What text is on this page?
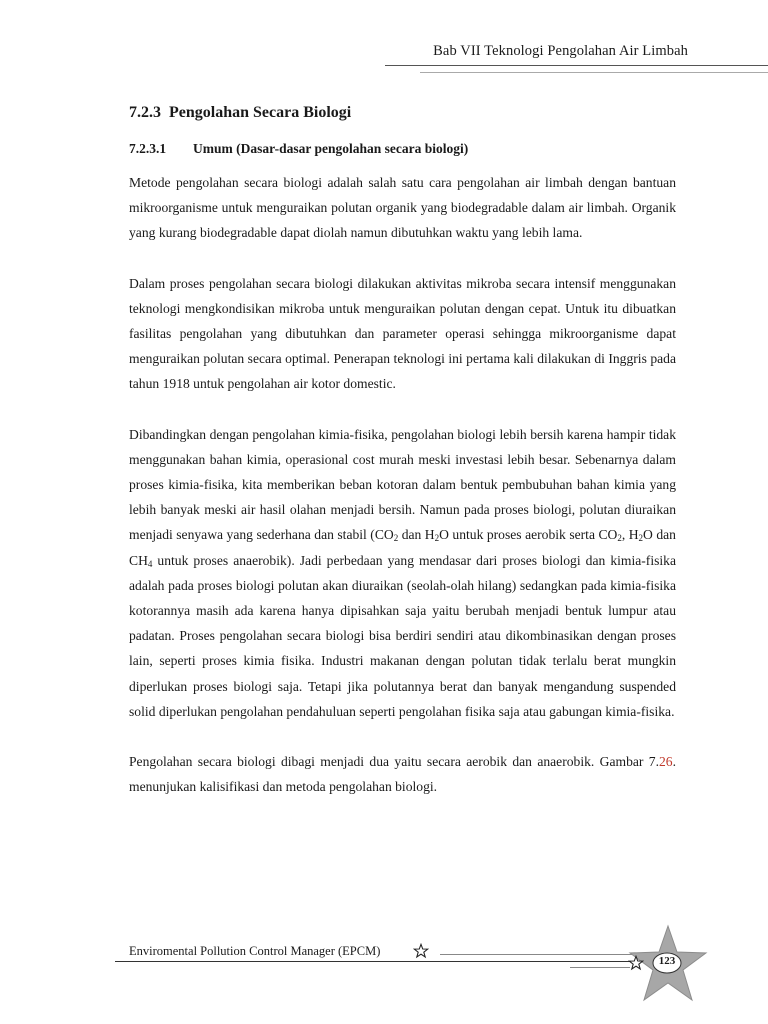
Bab VII Teknologi Pengolahan Air Limbah
7.2.3 Pengolahan Secara Biologi
7.2.3.1 Umum (Dasar-dasar pengolahan secara biologi)

Metode pengolahan secara biologi adalah salah satu cara pengolahan air limbah dengan bantuan mikroorganisme untuk menguraikan polutan organik yang biodegradable dalam air limbah. Organik yang kurang biodegradable dapat diolah namun dibutuhkan waktu yang lebih lama.

Dalam proses pengolahan secara biologi dilakukan aktivitas mikroba secara intensif menggunakan teknologi mengkondisikan mikroba untuk menguraikan polutan dengan cepat. Untuk itu dibuatkan fasilitas pengolahan yang dibutuhkan dan parameter operasi sehingga mikroorganisme dapat menguraikan polutan secara optimal. Penerapan teknologi ini pertama kali dilakukan di Inggris pada tahun 1918 untuk pengolahan air kotor domestic.

Dibandingkan dengan pengolahan kimia-fisika, pengolahan biologi lebih bersih karena hampir tidak menggunakan bahan kimia, operasional cost murah meski investasi lebih besar. Sebenarnya dalam proses kimia-fisika, kita memberikan beban kotoran dalam bentuk pembubuhan bahan kimia yang lebih banyak meski air hasil olahan menjadi bersih. Namun pada proses biologi, polutan diuraikan menjadi senyawa yang sederhana dan stabil ($CO_2$ dan $H_2O$ untuk proses aerobik serta $CO_2$, $H_2O$ dan $CH_4$ untuk proses anaerobik). Jadi perbedaan yang mendasar dari proses biologi dan kimia-fisika adalah pada proses biologi polutan akan diuraikan (seolah-olah hilang) sedangkan pada kimia-fisika kotorannya masih ada karena hanya dipisahkan saja yaitu berubah menjadi bentuk lumpur atau padatan. Proses pengolahan secara biologi bisa berdiri sendiri atau dikombinasikan dengan proses lain, seperti proses kimia fisika. Industri makanan dengan polutan tidak terlalu berat mungkin diperlukan proses biologi saja. Tetapi jika polutannya berat dan banyak mengandung suspended solid diperlukan pengolahan pendahuluan seperti pengolahan fisika saja atau gabungan kimia-fisika.

Pengolahan secara biologi dibagi menjadi dua yaitu secara aerobik dan anaerobik. Gambar 7.26. menunjukan kalisifikasi dan metoda pengolahan biologi.

Enviromental Pollution Control Manager (EPCM)
123
